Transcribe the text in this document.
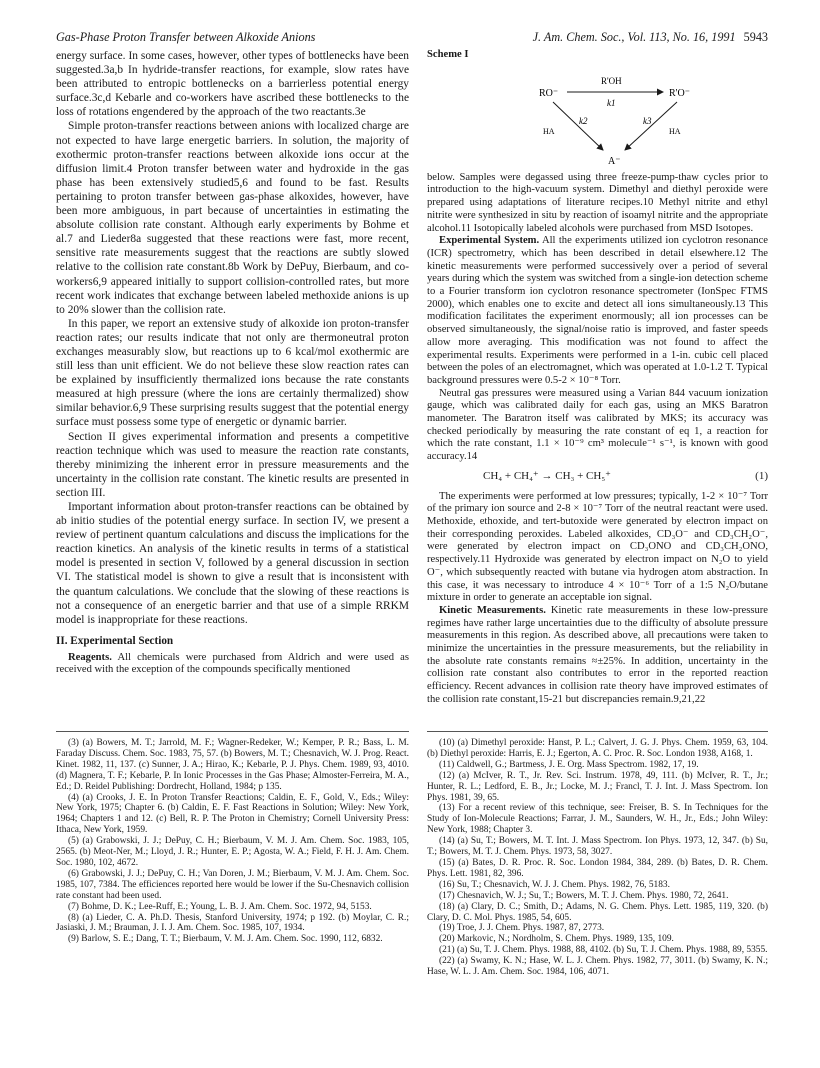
Gas-Phase Proton Transfer between Alkoxide Anions	J. Am. Chem. Soc., Vol. 113, No. 16, 1991 5943

energy surface. In some cases, however, other types of bottlenecks have been suggested.3a,b In hydride-transfer reactions, for example, slow rates have been attributed to entropic bottlenecks on a barrierless potential energy surface.3c,d Kebarle and co-workers have ascribed these bottlenecks to the loss of rotations engendered by the approach of the two reactants.3e

Simple proton-transfer reactions between anions with localized charge are not expected to have large energetic barriers. In solution, the majority of exothermic proton-transfer reactions between alkoxide ions occur at the diffusion limit.4 Proton transfer between water and hydroxide in the gas phase has been extensively studied5,6 and found to be fast. Results pertaining to proton transfer between gas-phase alkoxides, however, have been more ambiguous, in part because of uncertainties in estimating the absolute collision rate constant. Although early experiments by Bohme et al.7 and Lieder8a suggested that these reactions were fast, more recent, sensitive rate measurements suggest that the reactions are subtly slowed relative to the collision rate constant.8b Work by DePuy, Bierbaum, and co-workers6,9 appeared initially to support collision-controlled rates, but more recent work indicates that exchange between labeled methoxide anions is up to 20% slower than the collision rate.

In this paper, we report an extensive study of alkoxide ion proton-transfer reaction rates; our results indicate that not only are thermoneutral proton exchanges measurably slow, but reactions up to 6 kcal/mol exothermic are still less than unit efficient. We do not believe these slow reaction rates can be explained by insufficiently thermalized ions because the rate constants measured at high pressure (where the ions are certainly thermalized) show similar behavior.6,9 These surprising results suggest that the potential energy surface must possess some type of energetic or dynamic barrier.

Section II gives experimental information and presents a competitive reaction technique which was used to measure the reaction rate constants, thereby minimizing the inherent error in pressure measurements and the uncertainty in the collision rate constant. The kinetic results are presented in section III.

Important information about proton-transfer reactions can be obtained by ab initio studies of the potential energy surface. In section IV, we present a review of pertinent quantum calculations and discuss the implications for the reaction kinetics. An analysis of the kinetic results in terms of a statistical model is presented in section V, followed by a general discussion in section VI. The statistical model is shown to give a result that is inconsistent with the quantum calculations. We conclude that the slowing of these reactions is not a consequence of an energetic barrier and that use of a simple RRKM model is inappropriate for these reactions.

II. Experimental Section

Reagents. All chemicals were purchased from Aldrich and were used as received with the exception of the compounds specifically mentioned

Scheme I
RO⁻
R'OH
k1
R'O⁻
k2
HA
k3
HA
A⁻

below. Samples were degassed using three freeze-pump-thaw cycles prior to introduction to the high-vacuum system. Dimethyl and diethyl peroxide were prepared using adaptations of literature recipes.10 Methyl nitrite and ethyl nitrite were synthesized in situ by reaction of isoamyl nitrite and the appropriate alcohol.11 Isotopically labeled alcohols were purchased from MSD Isotopes.

Experimental System. All the experiments utilized ion cyclotron resonance (ICR) spectrometry, which has been described in detail elsewhere.12 The kinetic measurements were performed successively over a period of several years during which the system was switched from a single-ion detection scheme to a Fourier transform ion cyclotron resonance spectrometer (IonSpec FTMS 2000), which enables one to excite and detect all ions simultaneously.13 This modification facilitates the experiment enormously; all ion processes can be observed simultaneously, the signal/noise ratio is improved, and faster speeds allow more averaging. This modification was not found to affect the experimental results. Experiments were performed in a 1-in. cubic cell placed between the poles of an electromagnet, which was operated at 1.0-1.2 T. Typical background pressures were 0.5-2 × 10⁻⁸ Torr.

Neutral gas pressures were measured using a Varian 844 vacuum ionization gauge, which was calibrated daily for each gas, using an MKS Baratron manometer. The Baratron itself was calibrated by MKS; its accuracy was checked periodically by measuring the rate constant of eq 1, a reaction for which the rate constant, 1.1 × 10⁻⁹ cm³ molecule⁻¹ s⁻¹, is known with good accuracy.14

CH₄ + CH₄⁺ → CH₃ + CH₅⁺	(1)

The experiments were performed at low pressures; typically, 1-2 × 10⁻⁷ Torr of the primary ion source and 2-8 × 10⁻⁷ Torr of the neutral reactant were used. Methoxide, ethoxide, and tert-butoxide were generated by electron impact on their corresponding peroxides. Labeled alkoxides, CD₃O⁻ and CD₃CH₂O⁻, were generated by electron impact on CD₃ONO and CD₃CH₂ONO, respectively.11 Hydroxide was generated by electron impact on N₂O to yield O⁻, which subsequently reacted with butane via hydrogen atom abstraction. In this case, it was necessary to introduce 4 × 10⁻⁶ Torr of a 1:5 N₂O/butane mixture in order to generate an acceptable ion signal.

Kinetic Measurements. Kinetic rate measurements in these low-pressure regimes have rather large uncertainties due to the difficulty of absolute pressure measurements in this region. As described above, all precautions were taken to minimize the uncertainties in the pressure measurements, but the reliability in the absolute rate constants remains ≈±25%. In addition, uncertainty in the collision rate constant also contributes to error in the reported reaction efficiency. Recent advances in collision rate theory have improved estimates of the collision rate constant,15-21 but discrepancies remain.9,21,22

(3) (a) Bowers, M. T.; Jarrold, M. F.; Wagner-Redeker, W.; Kemper, P. R.; Bass, L. M. Faraday Discuss. Chem. Soc. 1983, 75, 57. (b) Bowers, M. T.; Chesnavich, W. J. Prog. React. Kinet. 1982, 11, 137. (c) Sunner, J. A.; Hirao, K.; Kebarle, P. J. Phys. Chem. 1989, 93, 4010. (d) Magnera, T. F.; Kebarle, P. In Ionic Processes in the Gas Phase; Almoster-Ferreira, M. A., Ed.; D. Reidel Publishing: Dordrecht, Holland, 1984; p 135.

(4) (a) Crooks, J. E. In Proton Transfer Reactions; Caldin, E. F., Gold, V., Eds.; Wiley: New York, 1975; Chapter 6. (b) Caldin, E. F. Fast Reactions in Solution; Wiley: New York, 1964; Chapters 1 and 12. (c) Bell, R. P. The Proton in Chemistry; Cornell University Press: Ithaca, New York, 1959.

(5) (a) Grabowski, J. J.; DePuy, C. H.; Bierbaum, V. M. J. Am. Chem. Soc. 1983, 105, 2565. (b) Meot-Ner, M.; Lloyd, J. R.; Hunter, E. P.; Agosta, W. A.; Field, F. H. J. Am. Chem. Soc. 1980, 102, 4672.

(6) Grabowski, J. J.; DePuy, C. H.; Van Doren, J. M.; Bierbaum, V. M. J. Am. Chem. Soc. 1985, 107, 7384. The efficiences reported here would be lower if the Su-Chesnavich collision rate constant had been used.

(7) Bohme, D. K.; Lee-Ruff, E.; Young, L. B. J. Am. Chem. Soc. 1972, 94, 5153.

(8) (a) Lieder, C. A. Ph.D. Thesis, Stanford University, 1974; p 192. (b) Moylar, C. R.; Jasiaski, J. M.; Brauman, J. I. J. Am. Chem. Soc. 1985, 107, 1934.

(9) Barlow, S. E.; Dang, T. T.; Bierbaum, V. M. J. Am. Chem. Soc. 1990, 112, 6832.

(10) (a) Dimethyl peroxide: Hanst, P. L.; Calvert, J. G. J. Phys. Chem. 1959, 63, 104. (b) Diethyl peroxide: Harris, E. J.; Egerton, A. C. Proc. R. Soc. London 1938, A168, 1.

(11) Caldwell, G.; Bartmess, J. E. Org. Mass Spectrom. 1982, 17, 19.

(12) (a) McIver, R. T., Jr. Rev. Sci. Instrum. 1978, 49, 111. (b) McIver, R. T., Jr.; Hunter, R. L.; Ledford, E. B., Jr.; Locke, M. J.; Francl, T. J. Int. J. Mass Spectrom. Ion Phys. 1981, 39, 65.

(13) For a recent review of this technique, see: Freiser, B. S. In Techniques for the Study of Ion-Molecule Reactions; Farrar, J. M., Saunders, W. H., Jr., Eds.; John Wiley: New York, 1988; Chapter 3.

(14) (a) Su, T.; Bowers, M. T. Int. J. Mass Spectrom. Ion Phys. 1973, 12, 347. (b) Su, T.; Bowers, M. T. J. Chem. Phys. 1973, 58, 3027.

(15) (a) Bates, D. R. Proc. R. Soc. London 1984, 384, 289. (b) Bates, D. R. Chem. Phys. Lett. 1981, 82, 396.

(16) Su, T.; Chesnavich, W. J. J. Chem. Phys. 1982, 76, 5183.

(17) Chesnavich, W. J.; Su, T.; Bowers, M. T. J. Chem. Phys. 1980, 72, 2641.

(18) (a) Clary, D. C.; Smith, D.; Adams, N. G. Chem. Phys. Lett. 1985, 119, 320. (b) Clary, D. C. Mol. Phys. 1985, 54, 605.

(19) Troe, J. J. Chem. Phys. 1987, 87, 2773.

(20) Markovic, N.; Nordholm, S. Chem. Phys. 1989, 135, 109.

(21) (a) Su, T. J. Chem. Phys. 1988, 88, 4102. (b) Su, T. J. Chem. Phys. 1988, 89, 5355.

(22) (a) Swamy, K. N.; Hase, W. L. J. Chem. Phys. 1982, 77, 3011. (b) Swamy, K. N.; Hase, W. L. J. Am. Chem. Soc. 1984, 106, 4071.
